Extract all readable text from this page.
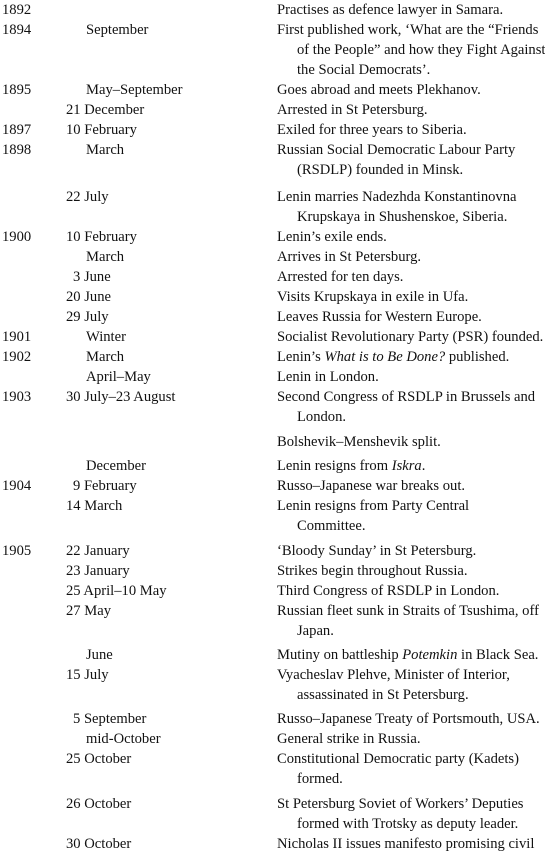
1892	Practises as defence lawyer in Samara.
1894	September	First published work, ‘What are the “Friends
of the People” and how they Fight Against
the Social Democrats’.
1895	May–September	Goes abroad and meets Plekhanov.
21 December	Arrested in St Petersburg.
1897 10 February	Exiled for three years to Siberia.
1898	March	Russian Social Democratic Labour Party
(RSDLP) founded in Minsk.
22 July	Lenin marries Nadezhda Konstantinovna
Krupskaya in Shushenskoe, Siberia.
1900 10 February	Lenin’s exile ends.
March	Arrives in St Petersburg.
3 June	Arrested for ten days.
20 June	Visits Krupskaya in exile in Ufa.
29 July	Leaves Russia for Western Europe.
1901	Winter	Socialist Revolutionary Party (PSR) founded.
1902	March	Lenin’s What is to Be Done? published.
April–May	Lenin in London.
1903 30 July–23 August	Second Congress of RSDLP in Brussels and
London.
Bolshevik–Menshevik split.
December	Lenin resigns from Iskra.
1904	9 February	Russo–Japanese war breaks out.
14 March	Lenin resigns from Party Central
Committee.
1905 22 January	‘Bloody Sunday’ in St Petersburg.
23 January	Strikes begin throughout Russia.
25 April–10 May	Third Congress of RSDLP in London.
27 May	Russian fleet sunk in Straits of Tsushima, off
Japan.
June	Mutiny on battleship Potemkin in Black Sea.
15 July	Vyacheslav Plehve, Minister of Interior,
assassinated in St Petersburg.
5 September	Russo–Japanese Treaty of Portsmouth, USA.
mid-October	General strike in Russia.
25 October	Constitutional Democratic party (Kadets)
formed.
26 October	St Petersburg Soviet of Workers’ Deputies
formed with Trotsky as deputy leader.
30 October	Nicholas II issues manifesto promising civil
